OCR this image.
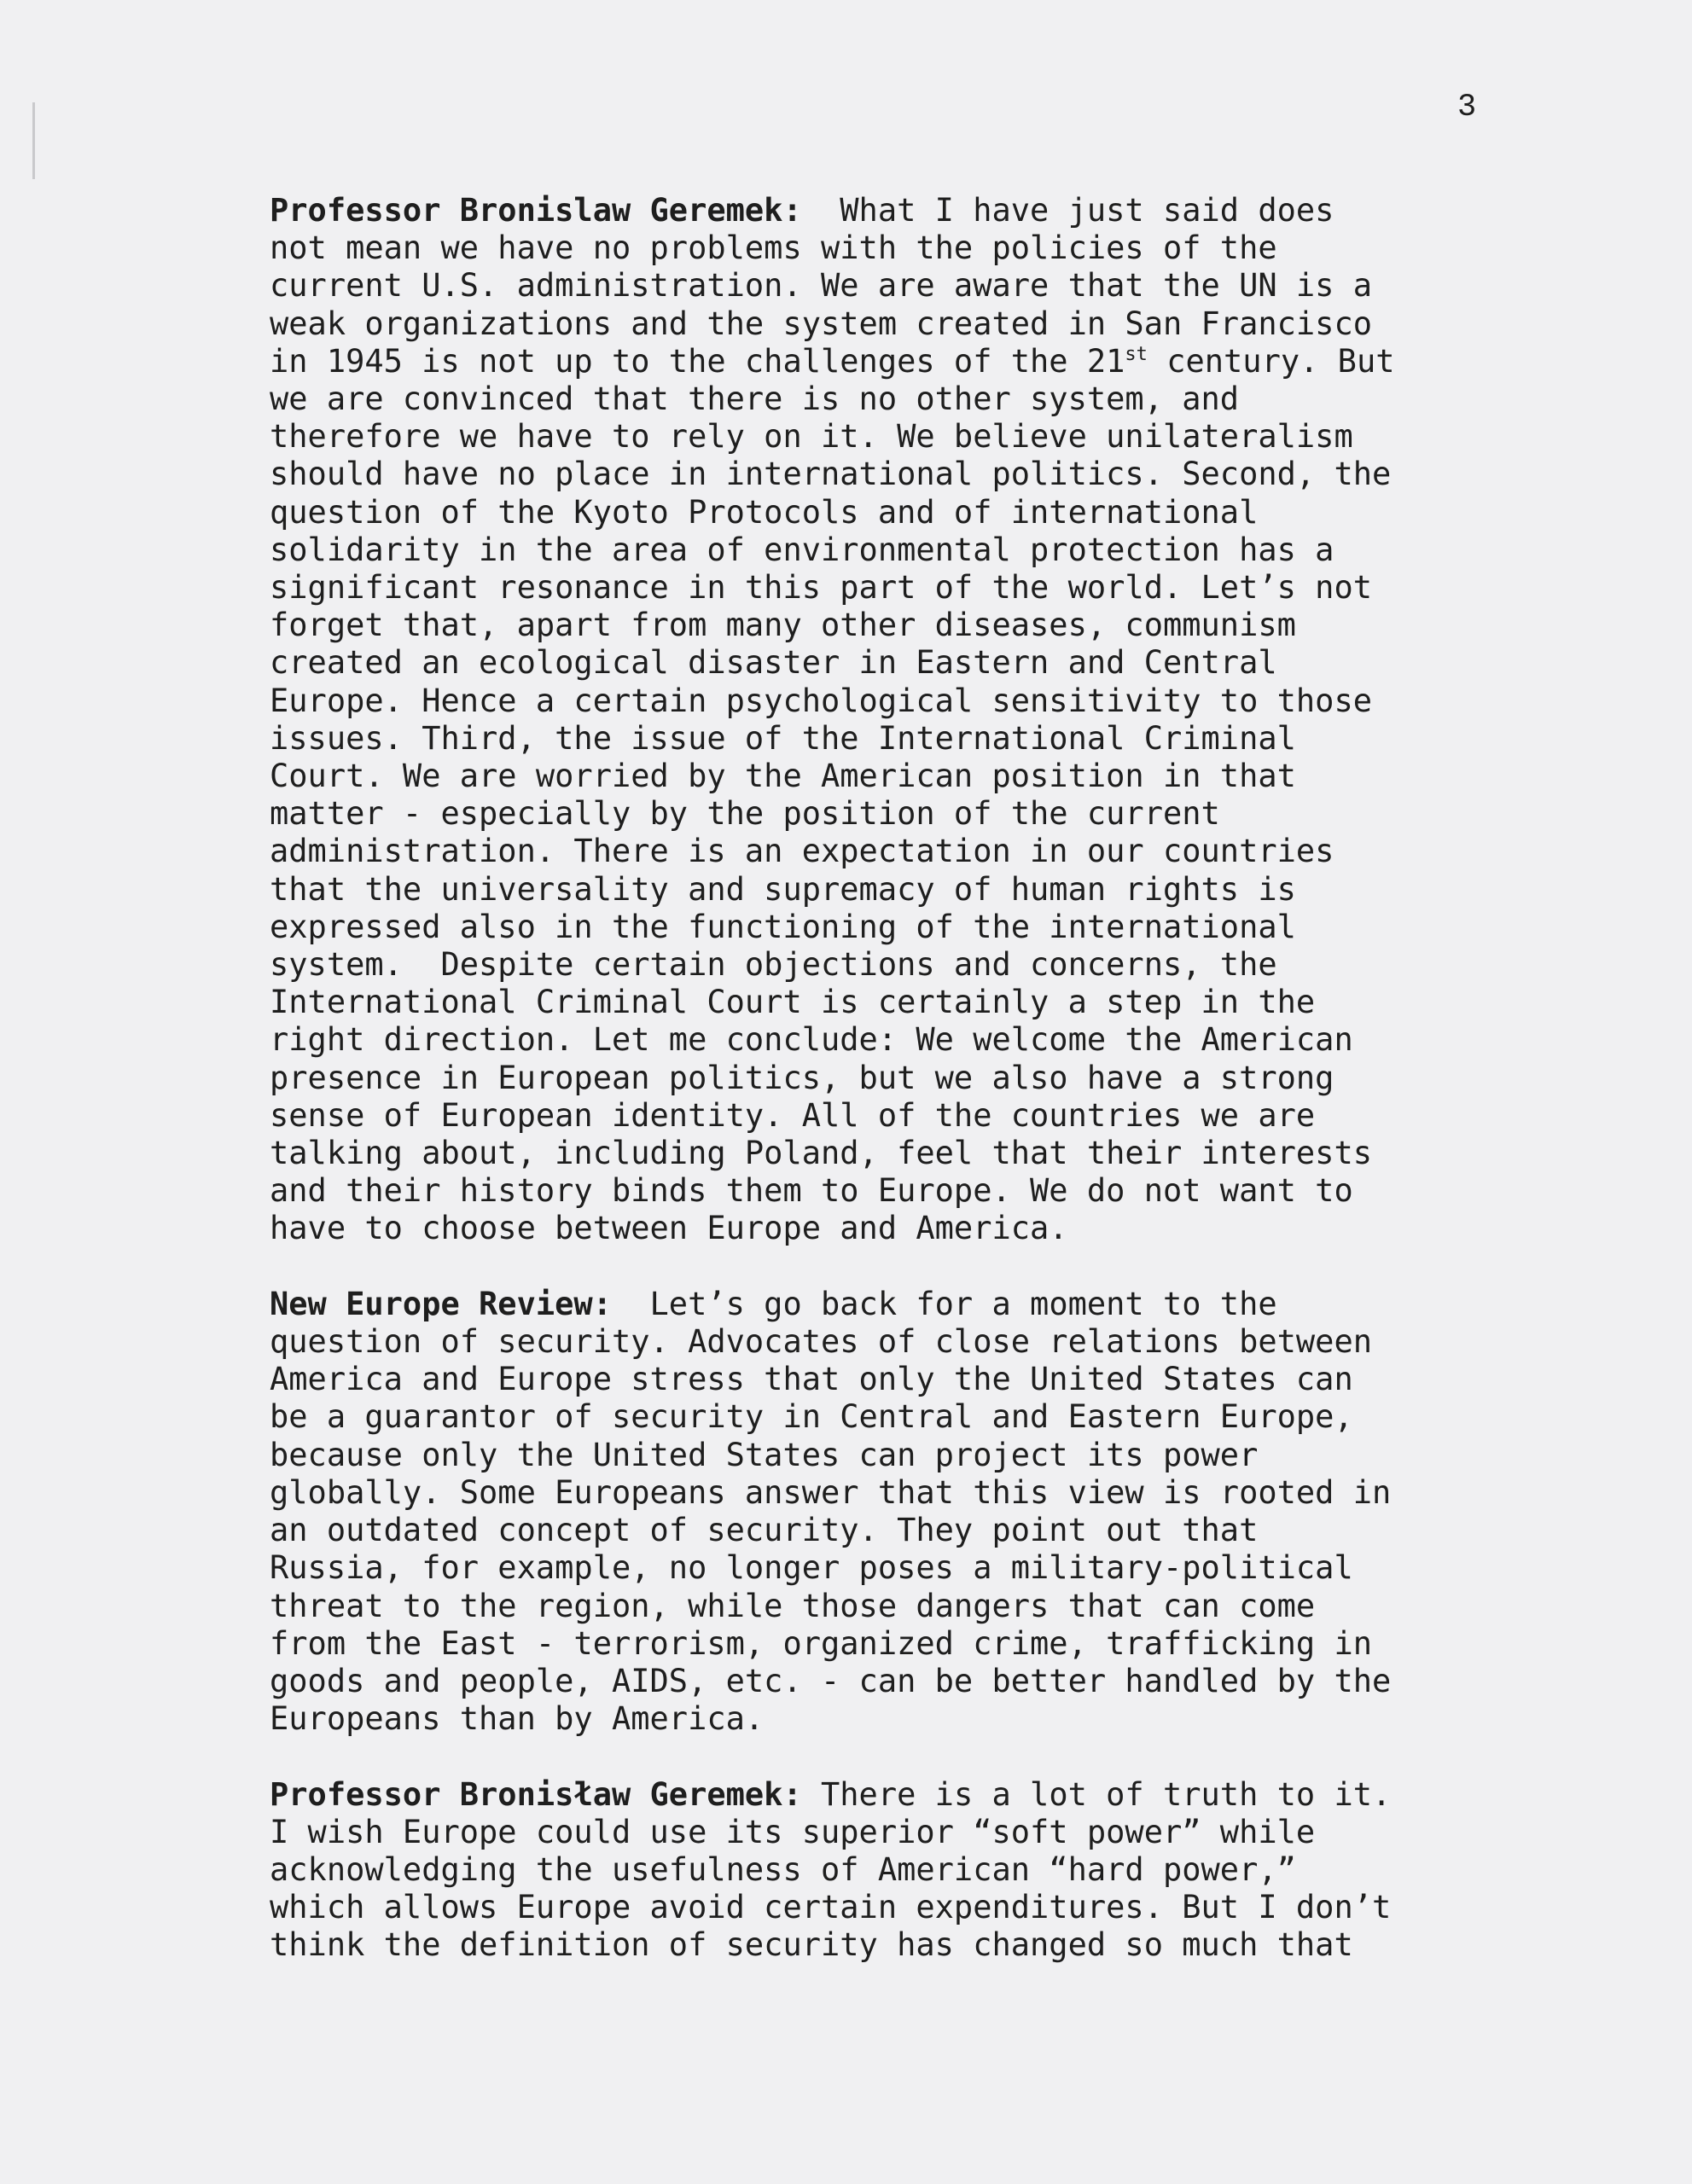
3
Professor Bronislaw Geremek:  What I have just said does
not mean we have no problems with the policies of the
current U.S. administration. We are aware that the UN is a
weak organizations and the system created in San Francisco
in 1945 is not up to the challenges of the 21st century. But
we are convinced that there is no other system, and
therefore we have to rely on it. We believe unilateralism
should have no place in international politics. Second, the
question of the Kyoto Protocols and of international
solidarity in the area of environmental protection has a
significant resonance in this part of the world. Let’s not
forget that, apart from many other diseases, communism
created an ecological disaster in Eastern and Central
Europe. Hence a certain psychological sensitivity to those
issues. Third, the issue of the International Criminal
Court. We are worried by the American position in that
matter - especially by the position of the current
administration. There is an expectation in our countries
that the universality and supremacy of human rights is
expressed also in the functioning of the international
system.  Despite certain objections and concerns, the
International Criminal Court is certainly a step in the
right direction. Let me conclude: We welcome the American
presence in European politics, but we also have a strong
sense of European identity. All of the countries we are
talking about, including Poland, feel that their interests
and their history binds them to Europe. We do not want to
have to choose between Europe and America.
New Europe Review:  Let’s go back for a moment to the
question of security. Advocates of close relations between
America and Europe stress that only the United States can
be a guarantor of security in Central and Eastern Europe,
because only the United States can project its power
globally. Some Europeans answer that this view is rooted in
an outdated concept of security. They point out that
Russia, for example, no longer poses a military-political
threat to the region, while those dangers that can come
from the East - terrorism, organized crime, trafficking in
goods and people, AIDS, etc. - can be better handled by the
Europeans than by America.
Professor Bronisław Geremek: There is a lot of truth to it.
I wish Europe could use its superior “soft power” while
acknowledging the usefulness of American “hard power,”
which allows Europe avoid certain expenditures. But I don’t
think the definition of security has changed so much that
